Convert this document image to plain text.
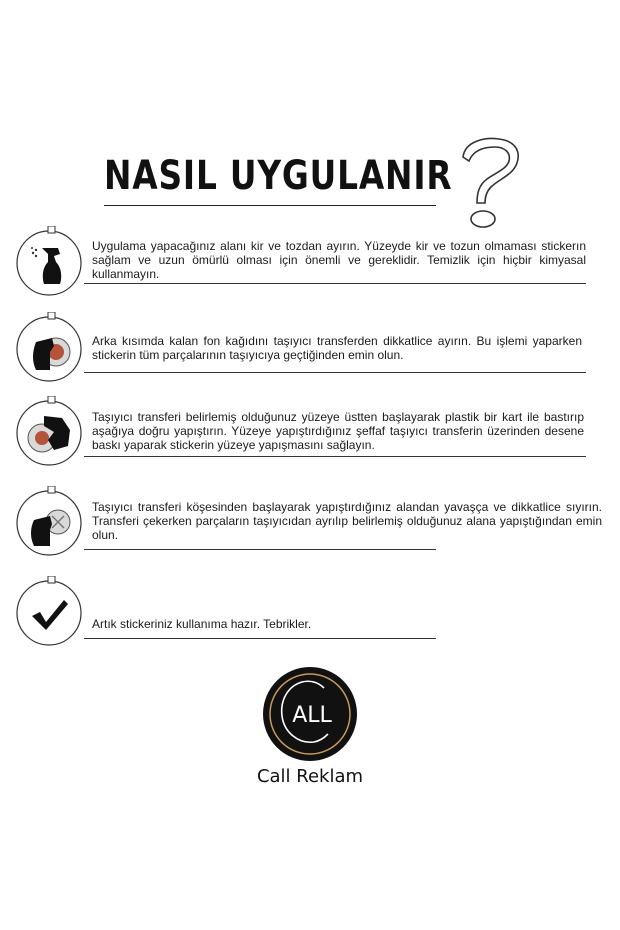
NASIL UYGULANIR
Uygulama yapacağınız alanı kir ve tozdan ayırın. Yüzeyde kir ve tozun olmaması stickerın sağlam ve uzun ömürlü olması için önemli ve gereklidir. Temizlik için hiçbir kimyasal kullanmayın.
Arka kısımda kalan fon kağıdını taşıyıcı transferden dikkatlice ayırın. Bu işlemi yaparken stickerin tüm parçalarının taşıyıcıya geçtiğinden emin olun.
Taşıyıcı transferi belirlemiş olduğunuz yüzeye üstten başlayarak plastik bir kart ile bastırıp aşağıya doğru yapıştırın. Yüzeye yapıştırdığınız şeffaf taşıyıcı transferin üzerinden desene baskı yaparak stickerin yüzeye yapışmasını sağlayın.
Taşıyıcı transferi köşesinden başlayarak yapıştırdığınız alandan yavaşça ve dikkatlice sıyırın. Transferi çekerken parçaların taşıyıcıdan ayrılıp belirlemiş olduğunuz alana yapıştığından emin olun.
Artık stickeriniz kullanıma hazır. Tebrikler.
ALL
Call Reklam
